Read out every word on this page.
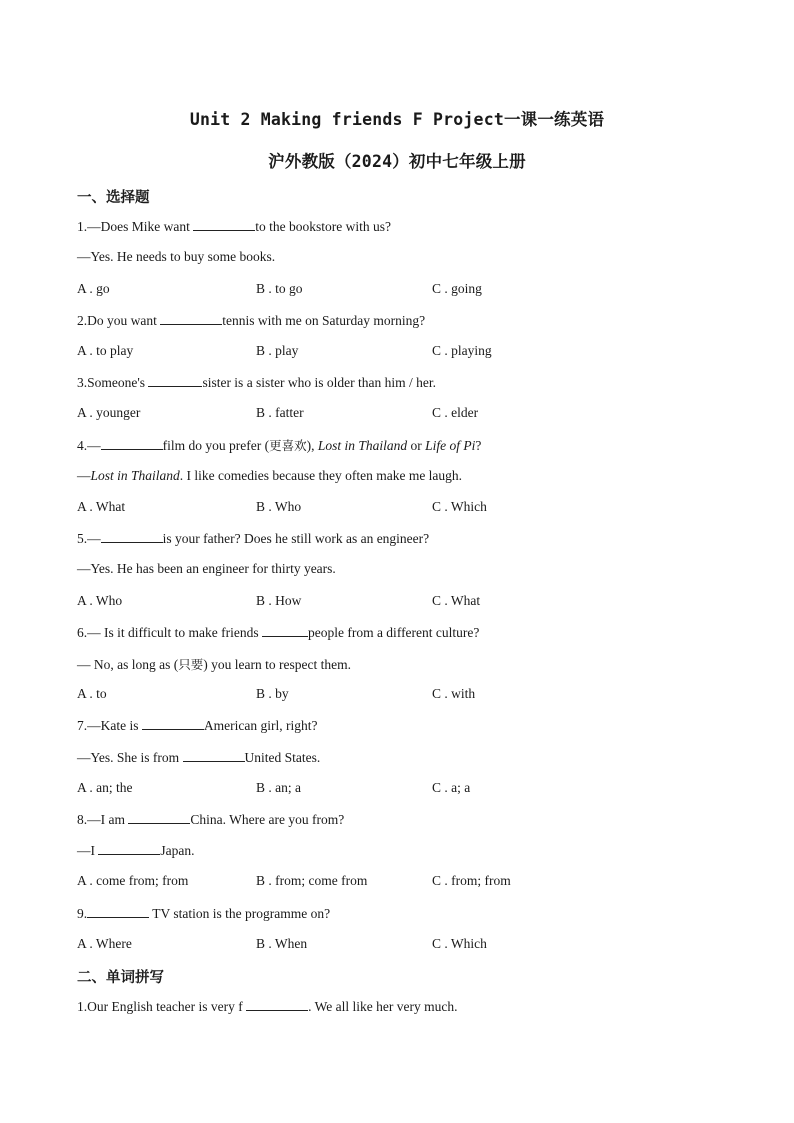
Unit 2 Making friends F Project一课一练英语
沪外教版（2024）初中七年级上册
一、选择题
1.—Does Mike want	to the bookstore with us?
—Yes. He needs to buy some books.
A . go	B . to go	C . going
2.Do you want	tennis with me on Saturday morning?
A . to play	B . play	C . playing
3.Someone's	sister is a sister who is older than him / her.
A . younger	B . fatter	C . elder
4.—	film do you prefer (更喜欢), Lost in Thailand or Life of Pi?
—Lost in Thailand. I like comedies because they often make me laugh.
A . What	B . Who	C . Which
5.—	is your father? Does he still work as an engineer?
—Yes. He has been an engineer for thirty years.
A . Who	B . How	C . What
6.— Is it difficult to make friends	people from a different culture?
— No, as long as (只要) you learn to respect them.
A . to	B . by	C . with
7.—Kate is	American girl, right?
—Yes. She is from	United States.
A . an; the	B . an; a	C . a; a
8.—I am	China. Where are you from?
—I	Japan.
A . come from; from	B . from; come from	C . from; from
9.	TV station is the programme on?
A . Where	B . When	C . Which
二、单词拼写
1.Our English teacher is very f	. We all like her very much.
